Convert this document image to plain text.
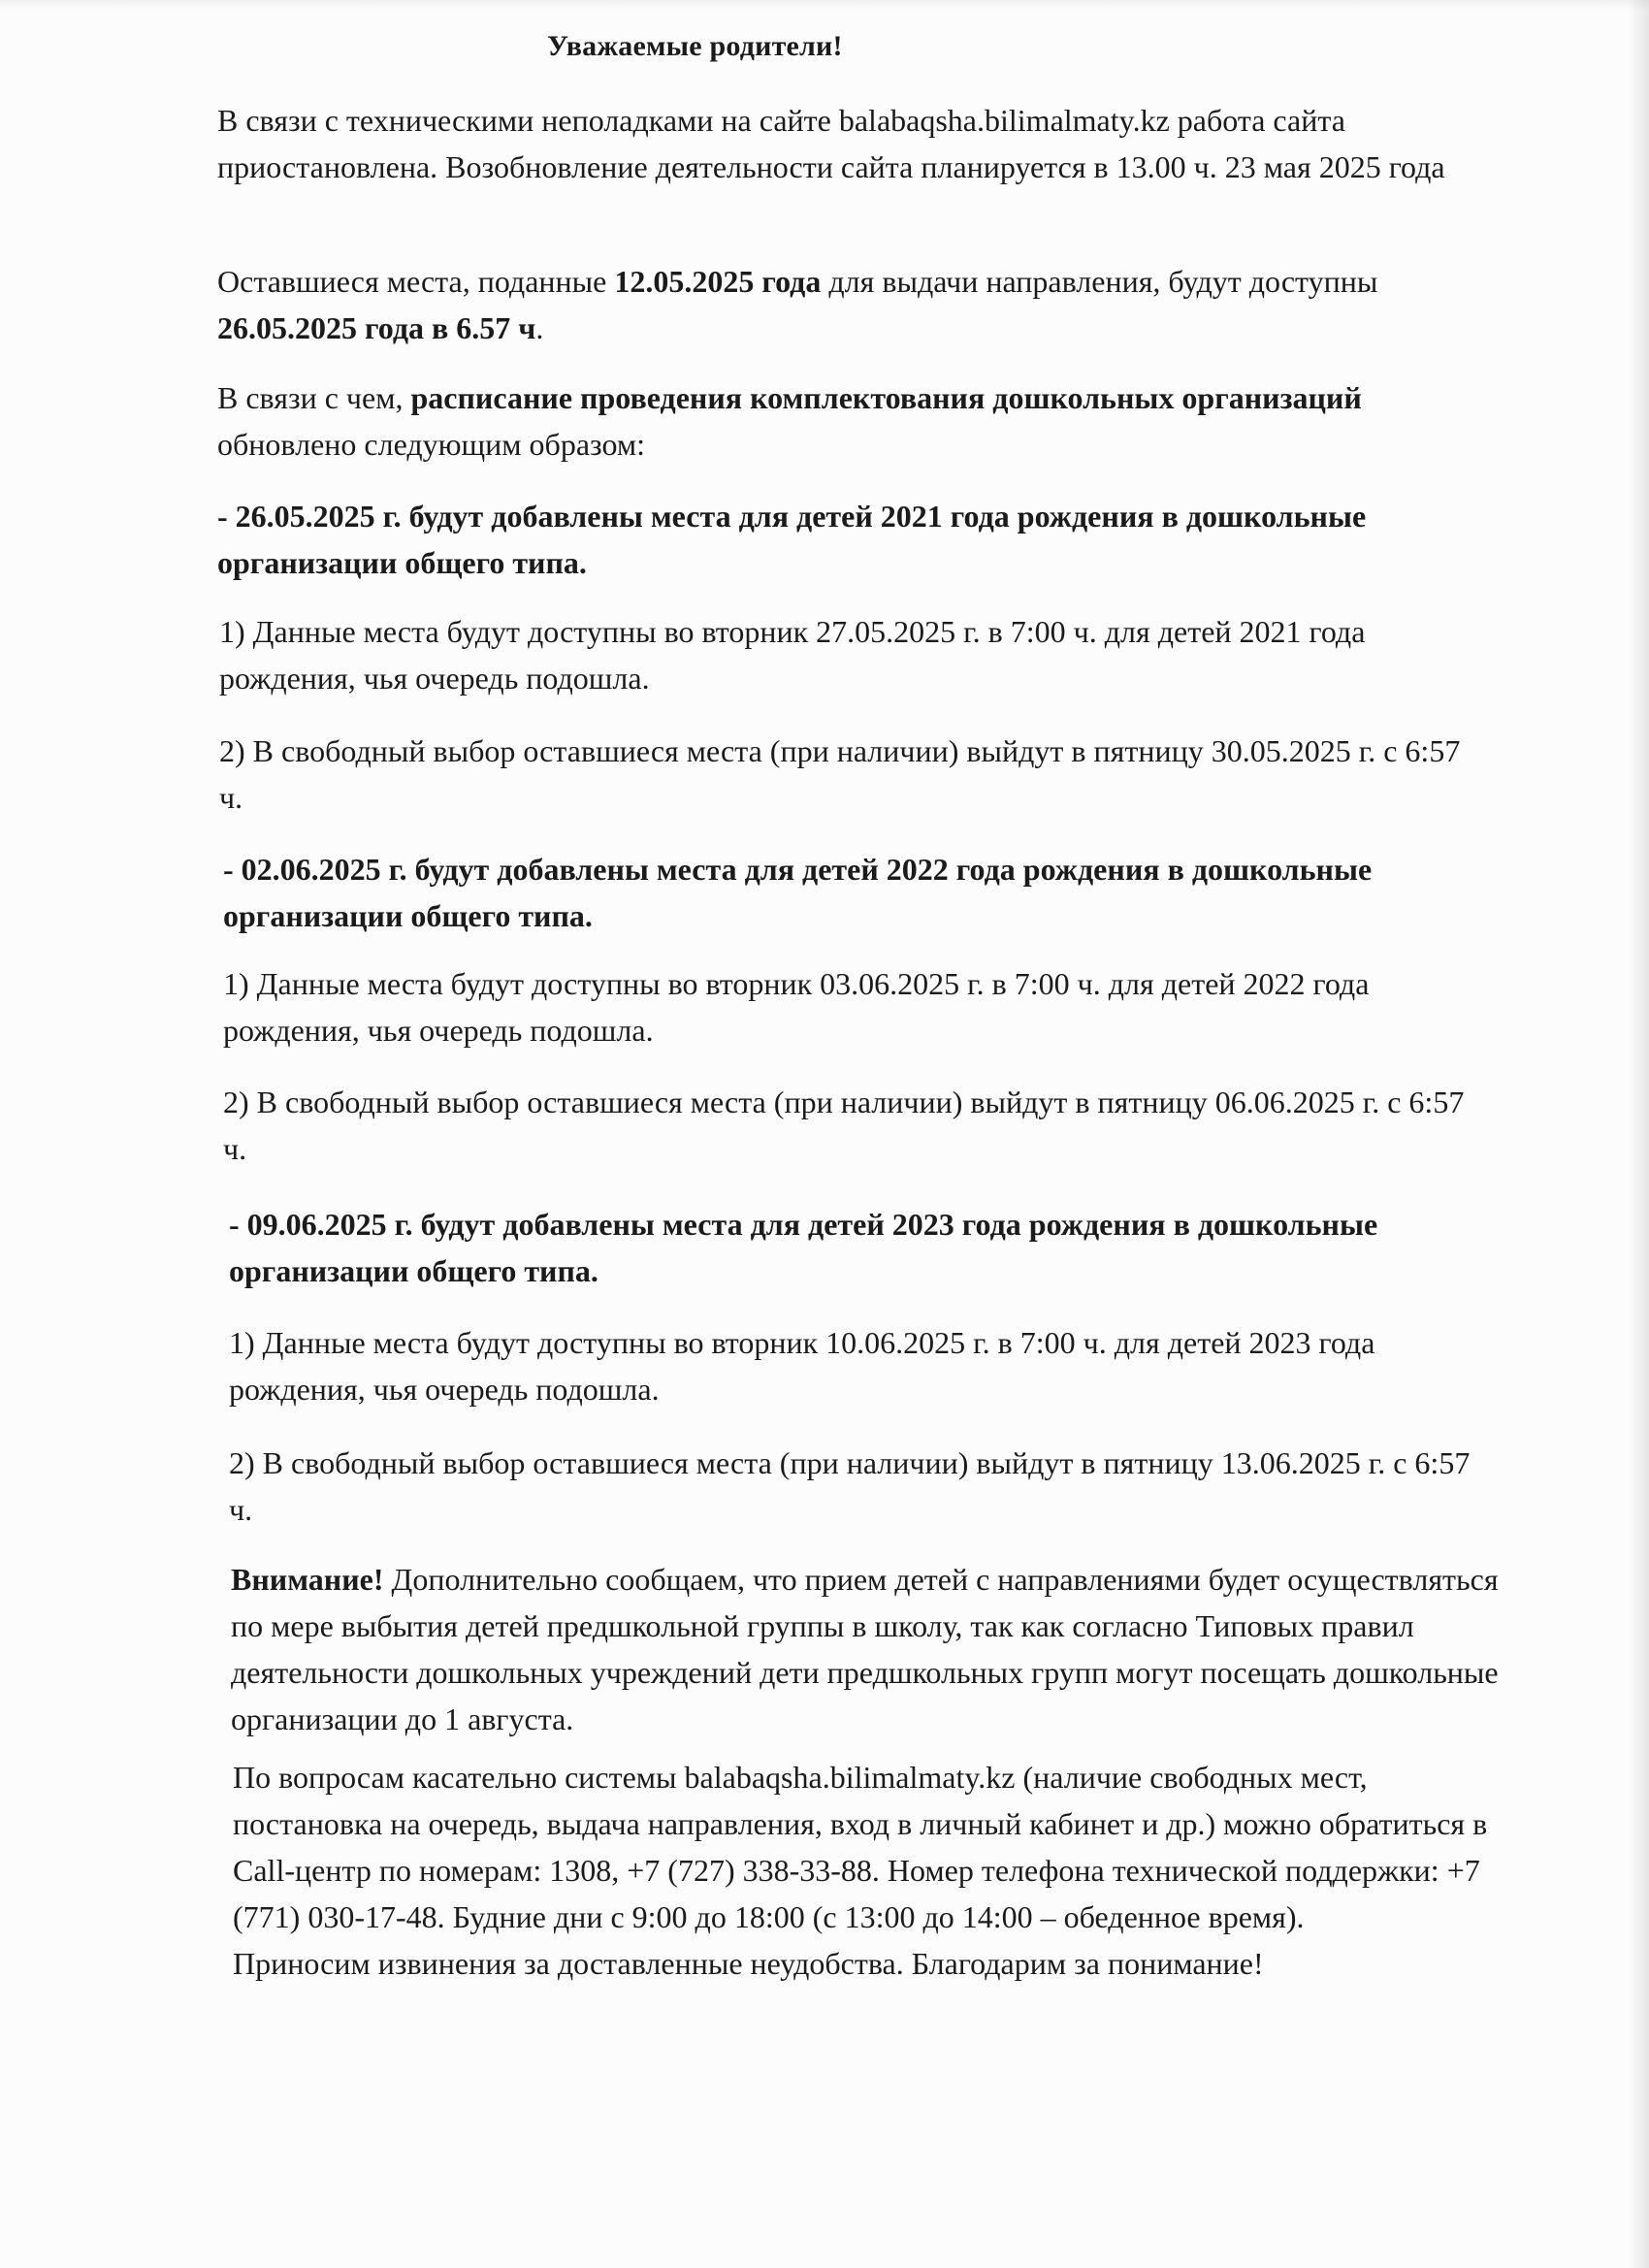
Уважаемые родители!

В связи с техническими неполадками на сайте balabaqsha.bilimalmaty.kz работа сайта приостановлена. Возобновление деятельности сайта планируется в 13.00 ч. 23 мая 2025 года

Оставшиеся места, поданные 12.05.2025 года для выдачи направления, будут доступны 26.05.2025 года в 6.57 ч.

В связи с чем, расписание проведения комплектования дошкольных организаций обновлено следующим образом:

- 26.05.2025 г. будут добавлены места для детей 2021 года рождения в дошкольные организации общего типа.

1) Данные места будут доступны во вторник 27.05.2025 г. в 7:00 ч. для детей 2021 года рождения, чья очередь подошла.

2) В свободный выбор оставшиеся места (при наличии) выйдут в пятницу 30.05.2025 г. с 6:57 ч.

- 02.06.2025 г. будут добавлены места для детей 2022 года рождения в дошкольные организации общего типа.

1) Данные места будут доступны во вторник 03.06.2025 г. в 7:00 ч. для детей 2022 года рождения, чья очередь подошла.

2) В свободный выбор оставшиеся места (при наличии) выйдут в пятницу 06.06.2025 г. с 6:57 ч.

- 09.06.2025 г. будут добавлены места для детей 2023 года рождения в дошкольные организации общего типа.

1) Данные места будут доступны во вторник 10.06.2025 г. в 7:00 ч. для детей 2023 года рождения, чья очередь подошла.

2) В свободный выбор оставшиеся места (при наличии) выйдут в пятницу 13.06.2025 г. с 6:57 ч.

Внимание! Дополнительно сообщаем, что прием детей с направлениями будет осуществляться по мере выбытия детей предшкольной группы в школу, так как согласно Типовых правил деятельности дошкольных учреждений дети предшкольных групп могут посещать дошкольные организации до 1 августа.

По вопросам касательно системы balabaqsha.bilimalmaty.kz (наличие свободных мест, постановка на очередь, выдача направления, вход в личный кабинет и др.) можно обратиться в
Call-центр по номерам: 1308, +7 (727) 338-33-88. Номер телефона технической поддержки: +7 (771) 030-17-48. Будние дни с 9:00 до 18:00 (с 13:00 до 14:00 – обеденное время).
Приносим извинения за доставленные неудобства. Благодарим за понимание!
